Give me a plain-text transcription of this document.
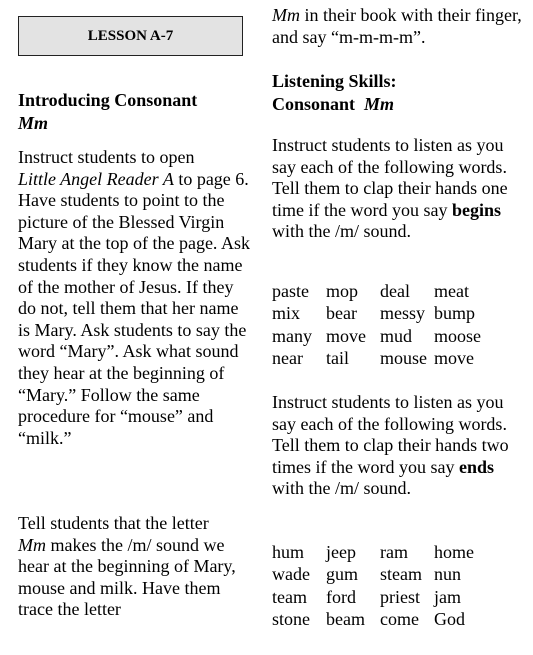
LESSON A-7
Introducing Consonant
Mm

Instruct students to open
Little Angel Reader A to page 6. Have students to point to the picture of the Blessed Virgin Mary at the top of the page. Ask students if they know the name of the mother of Jesus. If they do not, tell them that her name is Mary. Ask students to say the word “Mary”. Ask what sound they hear at the beginning of “Mary.” Follow the same procedure for “mouse” and “milk.”

Tell students that the letter
Mm makes the /m/ sound we hear at the beginning of Mary, mouse and milk. Have them trace the letter

Mm in their book with their finger, and say “m-m-m-m”.

Listening Skills:
Consonant Mm

Instruct students to listen as you say each of the following words. Tell them to clap their hands one time if the word you say begins with the /m/ sound.

paste	mop	deal	meat
mix	bear	messy	bump
many	move	mud	moose
near	tail	mouse	move

Instruct students to listen as you say each of the following words. Tell them to clap their hands two times if the word you say ends with the /m/ sound.

hum	jeep	ram	home
wade	gum	steam	nun
team	ford	priest	jam
stone	beam	come	God
